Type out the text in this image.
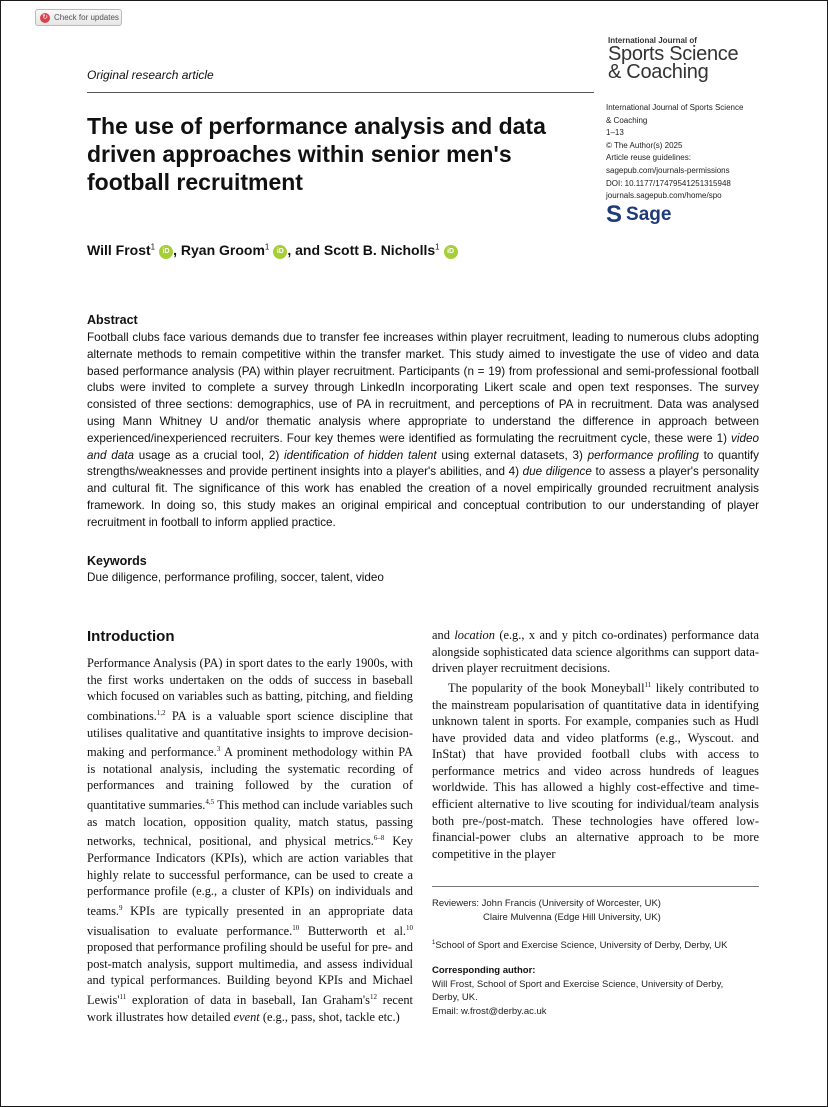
↻ Check for updates
International Journal of
Sports Science
& Coaching
Original research article
The use of performance analysis and data driven approaches within senior men's football recruitment
International Journal of Sports Science
& Coaching
1–13
© The Author(s) 2025
Article reuse guidelines:
sagepub.com/journals-permissions
DOI: 10.1177/17479541251315948
journals.sagepub.com/home/spo
S Sage
Will Frost$^1$iD , Ryan Groom$^1$iD , and Scott B. Nicholls$^1$iD
Abstract

Football clubs face various demands due to transfer fee increases within player recruitment, leading to numerous clubs adopting alternate methods to remain competitive within the transfer market. This study aimed to investigate the use of video and data based performance analysis (PA) within player recruitment. Participants (n = 19) from professional and semi-professional football clubs were invited to complete a survey through LinkedIn incorporating Likert scale and open text responses. The survey consisted of three sections: demographics, use of PA in recruitment, and perceptions of PA in recruitment. Data was analysed using Mann Whitney U and/or thematic analysis where appropriate to understand the difference in approach between experienced/inexperienced recruiters. Four key themes were identified as formulating the recruitment cycle, these were 1) video and data usage as a crucial tool, 2) identification of hidden talent using external datasets, 3) performance profiling to quantify strengths/weaknesses and provide pertinent insights into a player's abilities, and 4) due diligence to assess a player's personality and cultural fit. The significance of this work has enabled the creation of a novel empirically grounded recruitment analysis framework. In doing so, this study makes an original empirical and conceptual contribution to our understanding of player recruitment in football to inform applied practice.

Keywords
Due diligence, performance profiling, soccer, talent, video
Introduction

Performance Analysis (PA) in sport dates to the early 1900s, with the first works undertaken on the odds of success in baseball which focused on variables such as batting, pitching, and fielding combinations.$^{1,2}$ PA is a valuable sport science discipline that utilises qualitative and quantitative insights to improve decision-making and performance.$^3$ A prominent methodology within PA is notational analysis, including the systematic recording of performances and training followed by the curation of quantitative summaries.$^{4,5}$ This method can include variables such as match location, opposition quality, match status, passing networks, technical, positional, and physical metrics.$^{6-8}$ Key Performance Indicators (KPIs), which are action variables that highly relate to successful performance, can be used to create a performance profile (e.g., a cluster of KPIs) on individuals and teams.$^9$ KPIs are typically presented in an appropriate data visualisation to evaluate performance.$^{10}$ Butterworth et al.$^{10}$ proposed that performance profiling should be useful for pre- and post-match analysis, support multimedia, and assess individual and typical performances. Building beyond KPIs and Michael $Lewis'^{11}$ exploration of data in baseball, Ian $Graham's^{12}$ recent work illustrates how detailed event (e.g., pass, shot, tackle etc.)

and location (e.g., x and y pitch co-ordinates) performance data alongside sophisticated data science algorithms can support data-driven player recruitment decisions.

The popularity of the book Moneyball$^{11}$ likely contributed to the mainstream popularisation of quantitative data in identifying unknown talent in sports. For example, companies such as Hudl have provided data and video platforms (e.g., Wyscout. and InStat) that have provided football clubs with access to performance metrics and video across hundreds of leagues worldwide. This has allowed a highly cost-effective and time-efficient alternative to live scouting for individual/team analysis both pre-/post-match. These technologies have offered low-financial-power clubs an alternative approach to be more competitive in the player

Reviewers: John Francis (University of Worcester, UK)
Claire Mulvenna (Edge Hill University, UK)
$^1$School of Sport and Exercise Science, University of Derby, Derby, UK
Corresponding author:
Will Frost, School of Sport and Exercise Science, University of Derby,
Derby, UK.
Email: w.frost@derby.ac.uk
